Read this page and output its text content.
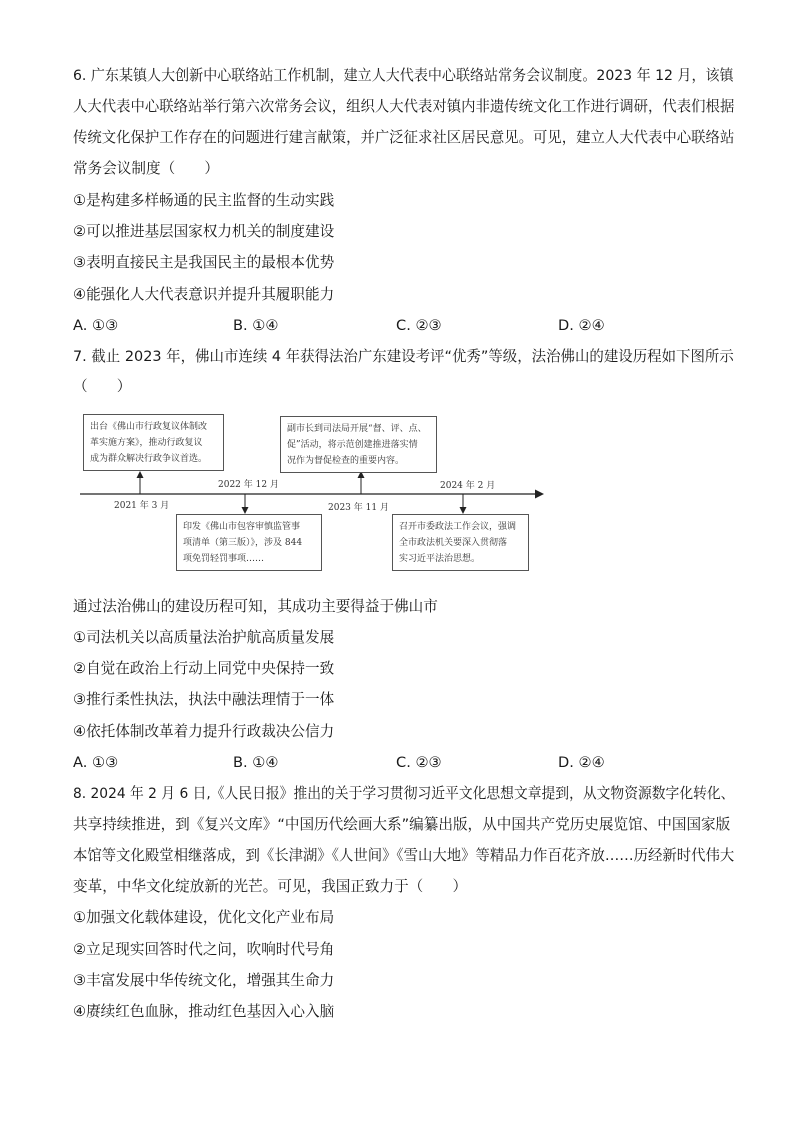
6. 广东某镇人大创新中心联络站工作机制，建立人大代表中心联络站常务会议制度。2023 年 12 月，该镇
人大代表中心联络站举行第六次常务会议，组织人大代表对镇内非遗传统文化工作进行调研，代表们根据
传统文化保护工作存在的问题进行建言献策，并广泛征求社区居民意见。可见，建立人大代表中心联络站
常务会议制度（　　）
①是构建多样畅通的民主监督的生动实践
②可以推进基层国家权力机关的制度建设
③表明直接民主是我国民主的最根本优势
④能强化人大代表意识并提升其履职能力
A. ①③	B. ①④	C. ②③	D. ②④
7. 截止 2023 年，佛山市连续 4 年获得法治广东建设考评“优秀”等级，法治佛山的建设历程如下图所示
（　　）
2021 年 3 月
2022 年 12 月
2023 年 11 月
2024 年 2 月
出台《佛山市行政复议体制改
革实施方案》，推动行政复议
成为群众解决行政争议首选。
印发《佛山市包容审慎监管事
项清单（第三版）》，涉及 844
项免罚轻罚事项……
副市长到司法局开展“督、评、点、
促”活动，将示范创建推进落实情
况作为督促检查的重要内容。
召开市委政法工作会议，强调
全市政法机关要深入贯彻落
实习近平法治思想。
通过法治佛山的建设历程可知，其成功主要得益于佛山市
①司法机关以高质量法治护航高质量发展
②自觉在政治上行动上同党中央保持一致
③推行柔性执法，执法中融法理情于一体
④依托体制改革着力提升行政裁决公信力
A. ①③	B. ①④	C. ②③	D. ②④
8. 2024 年 2 月 6 日,《人民日报》推出的关于学习贯彻习近平文化思想文章提到，从文物资源数字化转化、
共享持续推进，到《复兴文库》“中国历代绘画大系”编纂出版，从中国共产党历史展览馆、中国国家版
本馆等文化殿堂相继落成，到《长津湖》《人世间》《雪山大地》等精品力作百花齐放……历经新时代伟大
变革，中华文化绽放新的光芒。可见，我国正致力于（　　）
①加强文化载体建设，优化文化产业布局
②立足现实回答时代之问，吹响时代号角
③丰富发展中华传统文化，增强其生命力
④赓续红色血脉，推动红色基因入心入脑
